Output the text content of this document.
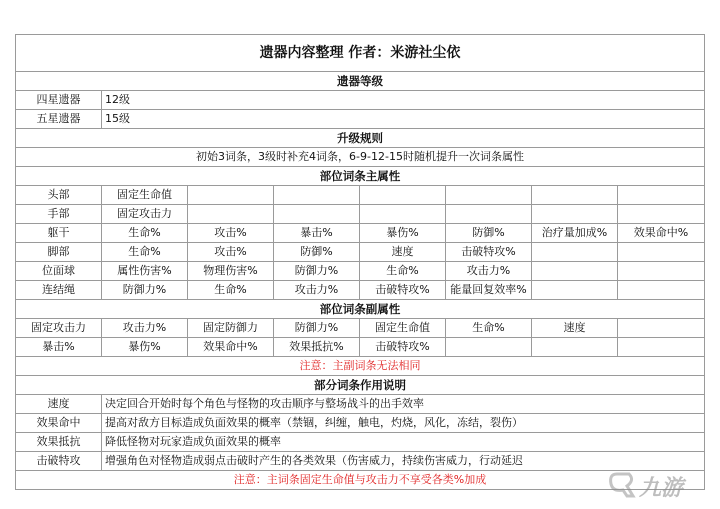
遗器内容整理 作者：米游社尘依							
遗器等级							
四星遗器	12级						
五星遗器	15级						
升级规则							
初始3词条，3级时补充4词条，6-9-12-15时随机提升一次词条属性							
部位词条主属性							
头部	固定生命值						
手部	固定攻击力						
躯干	生命%	攻击%	暴击%	暴伤%	防御%	治疗量加成%	效果命中%
脚部	生命%	攻击%	防御%	速度	击破特攻%		
位面球	属性伤害%	物理伤害%	防御力%	生命%	攻击力%		
连结绳	防御力%	生命%	攻击力%	击破特攻%	能量回复效率%		
部位词条副属性							
固定攻击力	攻击力%	固定防御力	防御力%	固定生命值	生命%	速度	
暴击%	暴伤%	效果命中%	效果抵抗%	击破特攻%			
注意：主副词条无法相同							
部分词条作用说明							
速度	决定回合开始时每个角色与怪物的攻击顺序与整场战斗的出手效率						
效果命中	提高对敌方目标造成负面效果的概率（禁锢，纠缠，触电，灼烧，风化，冻结，裂伤）						
效果抵抗	降低怪物对玩家造成负面效果的概率						
击破特攻	增强角色对怪物造成弱点击破时产生的各类效果（伤害威力，持续伤害威力，行动延迟						
注意：主词条固定生命值与攻击力不享受各类%加成								九游
